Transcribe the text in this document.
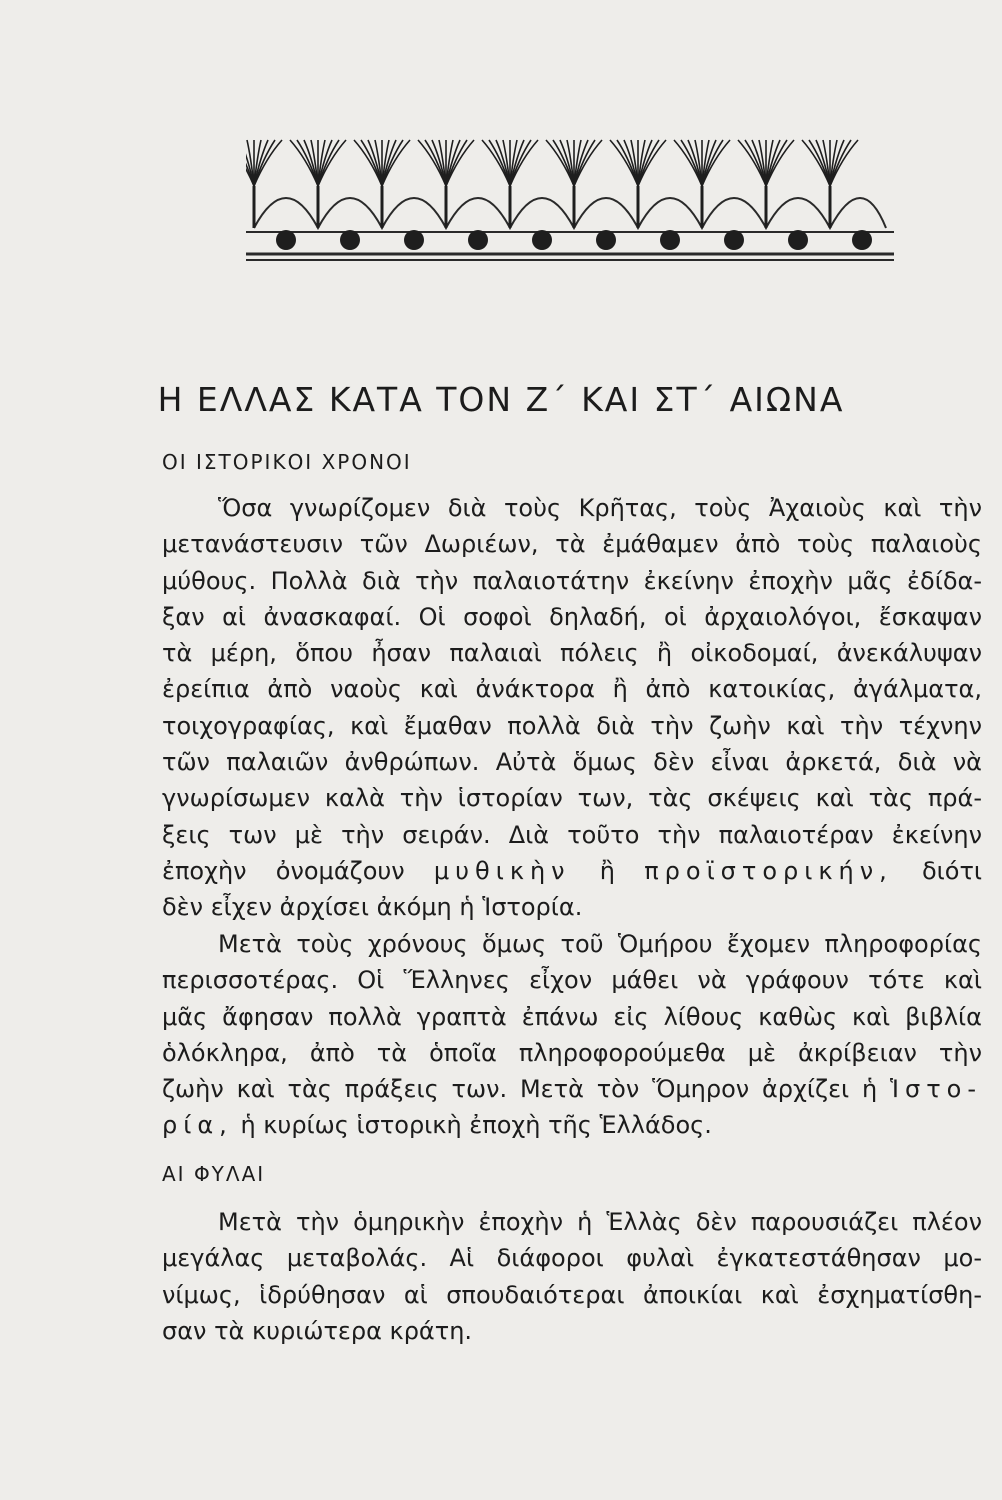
Η ΕΛΛΑΣ ΚΑΤΑ ΤΟΝ Ζ΄ ΚΑΙ ΣΤ΄ ΑΙΩΝΑ
ΟΙ ΙΣΤΟΡΙΚΟΙ ΧΡΟΝΟΙ
Ὅσα γνωρίζομεν διὰ τοὺς Κρῆτας, τοὺς Ἀχαιοὺς καὶ τὴν
μετανάστευσιν τῶν Δωριέων, τὰ ἐμάθαμεν ἀπὸ τοὺς παλαιοὺς
μύθους. Πολλὰ διὰ τὴν παλαιοτάτην ἐκείνην ἐποχὴν μᾶς ἐδίδα-
ξαν αἱ ἀνασκαφαί. Οἱ σοφοὶ δηλαδή, οἱ ἀρχαιολόγοι, ἔσκαψαν
τὰ μέρη, ὅπου ἦσαν παλαιαὶ πόλεις ἢ οἰκοδομαί, ἀνεκάλυψαν
ἐρείπια ἀπὸ ναοὺς καὶ ἀνάκτορα ἢ ἀπὸ κατοικίας, ἀγάλματα,
τοιχογραφίας, καὶ ἔμαθαν πολλὰ διὰ τὴν ζωὴν καὶ τὴν τέχνην
τῶν παλαιῶν ἀνθρώπων. Αὐτὰ ὅμως δὲν εἶναι ἀρκετά, διὰ νὰ
γνωρίσωμεν καλὰ τὴν ἱστορίαν των, τὰς σκέψεις καὶ τὰς πρά-
ξεις των μὲ τὴν σειράν. Διὰ τοῦτο τὴν παλαιοτέραν ἐκείνην
ἐποχὴν ὀνομάζουν μυθικὴν ἢ προϊστορικήν, διότι
δὲν εἶχεν ἀρχίσει ἀκόμη ἡ Ἱστορία.
Μετὰ τοὺς χρόνους ὅμως τοῦ Ὁμήρου ἔχομεν πληροφορίας
περισσοτέρας. Οἱ Ἕλληνες εἶχον μάθει νὰ γράφουν τότε καὶ
μᾶς ἄφησαν πολλὰ γραπτὰ ἐπάνω εἰς λίθους καθὼς καὶ βιβλία
ὁλόκληρα, ἀπὸ τὰ ὁποῖα πληροφορούμεθα μὲ ἀκρίβειαν τὴν
ζωὴν καὶ τὰς πράξεις των. Μετὰ τὸν Ὅμηρον ἀρχίζει ἡ Ἱστο-
ρία, ἡ κυρίως ἱστορικὴ ἐποχὴ τῆς Ἑλλάδος.
ΑΙ ΦΥΛΑΙ
Μετὰ τὴν ὁμηρικὴν ἐποχὴν ἡ Ἑλλὰς δὲν παρουσιάζει πλέον
μεγάλας μεταβολάς. Αἱ διάφοροι φυλαὶ ἐγκατεστάθησαν μο-
νίμως, ἱδρύθησαν αἱ σπουδαιότεραι ἀποικίαι καὶ ἐσχηματίσθη-
σαν τὰ κυριώτερα κράτη.
